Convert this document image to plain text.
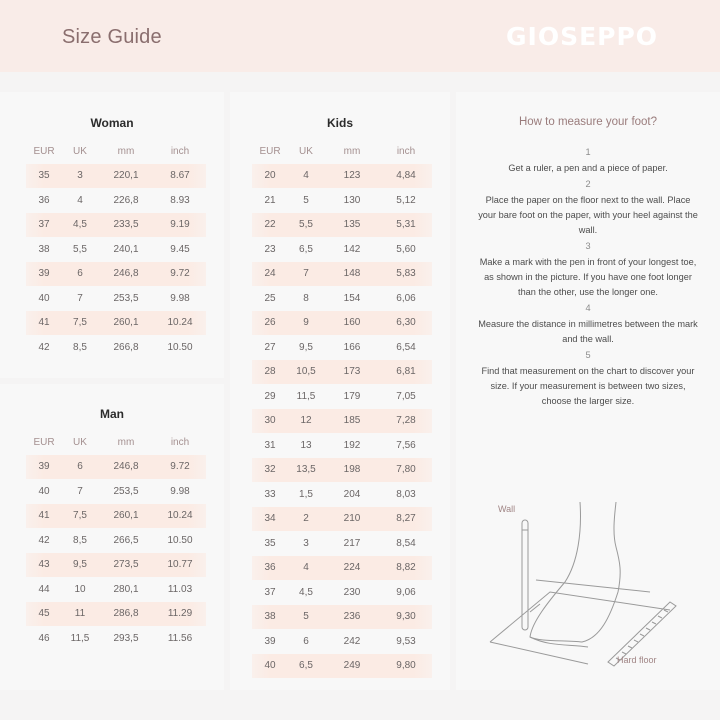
Size Guide	GIOSEPPO
Woman
EUR	UK	mm	inch
35	3	220,1	8.67
36	4	226,8	8.93
37	4,5	233,5	9.19
38	5,5	240,1	9.45
39	6	246,8	9.72
40	7	253,5	9.98
41	7,5	260,1	10.24
42	8,5	266,8	10.50
Man
EUR	UK	mm	inch
39	6	246,8	9.72
40	7	253,5	9.98
41	7,5	260,1	10.24
42	8,5	266,5	10.50
43	9,5	273,5	10.77
44	10	280,1	11.03
45	11	286,8	11.29
46	11,5	293,5	11.56
Kids
EUR	UK	mm	inch
20	4	123	4,84
21	5	130	5,12
22	5,5	135	5,31
23	6,5	142	5,60
24	7	148	5,83
25	8	154	6,06
26	9	160	6,30
27	9,5	166	6,54
28	10,5	173	6,81
29	11,5	179	7,05
30	12	185	7,28
31	13	192	7,56
32	13,5	198	7,80
33	1,5	204	8,03
34	2	210	8,27
35	3	217	8,54
36	4	224	8,82
37	4,5	230	9,06
38	5	236	9,30
39	6	242	9,53
40	6,5	249	9,80
How to measure your foot?
1
Get a ruler, a pen and a piece of paper.
2
Place the paper on the floor next to the wall. Place your bare foot on the paper, with your heel against the wall.
3
Make a mark with the pen in front of your longest toe, as shown in the picture. If you have one foot longer than the other, use the longer one.
4
Measure the distance in millimetres between the mark and the wall.
5
Find that measurement on the chart to discover your size. If your measurement is between two sizes, choose the larger size.
Wall
Hard floor
